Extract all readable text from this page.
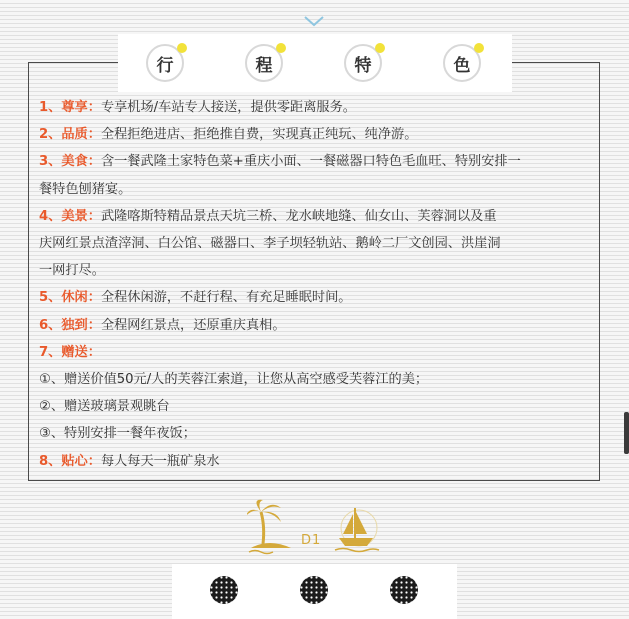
行	程	特	色
1、尊享：专享机场/车站专人接送，提供零距离服务。
2、品质：全程拒绝进店、拒绝推自费，实现真正纯玩、纯净游。
3、美食：含一餐武隆土家特色菜+重庆小面、一餐磁器口特色毛血旺、特别安排一
餐特色刨猪宴。
4、美景：武隆喀斯特精品景点天坑三桥、龙水峡地缝、仙女山、芙蓉洞以及重
庆网红景点渣滓洞、白公馆、磁器口、李子坝轻轨站、鹅岭二厂文创园、洪崖洞
一网打尽。
5、休闲：全程休闲游，不赶行程、有充足睡眠时间。
6、独到：全程网红景点，还原重庆真相。
7、赠送：
①、赠送价值50元/人的芙蓉江索道，让您从高空感受芙蓉江的美；
②、赠送玻璃景观眺台
③、特别安排一餐年夜饭；
8、贴心：每人每天一瓶矿泉水
D1
